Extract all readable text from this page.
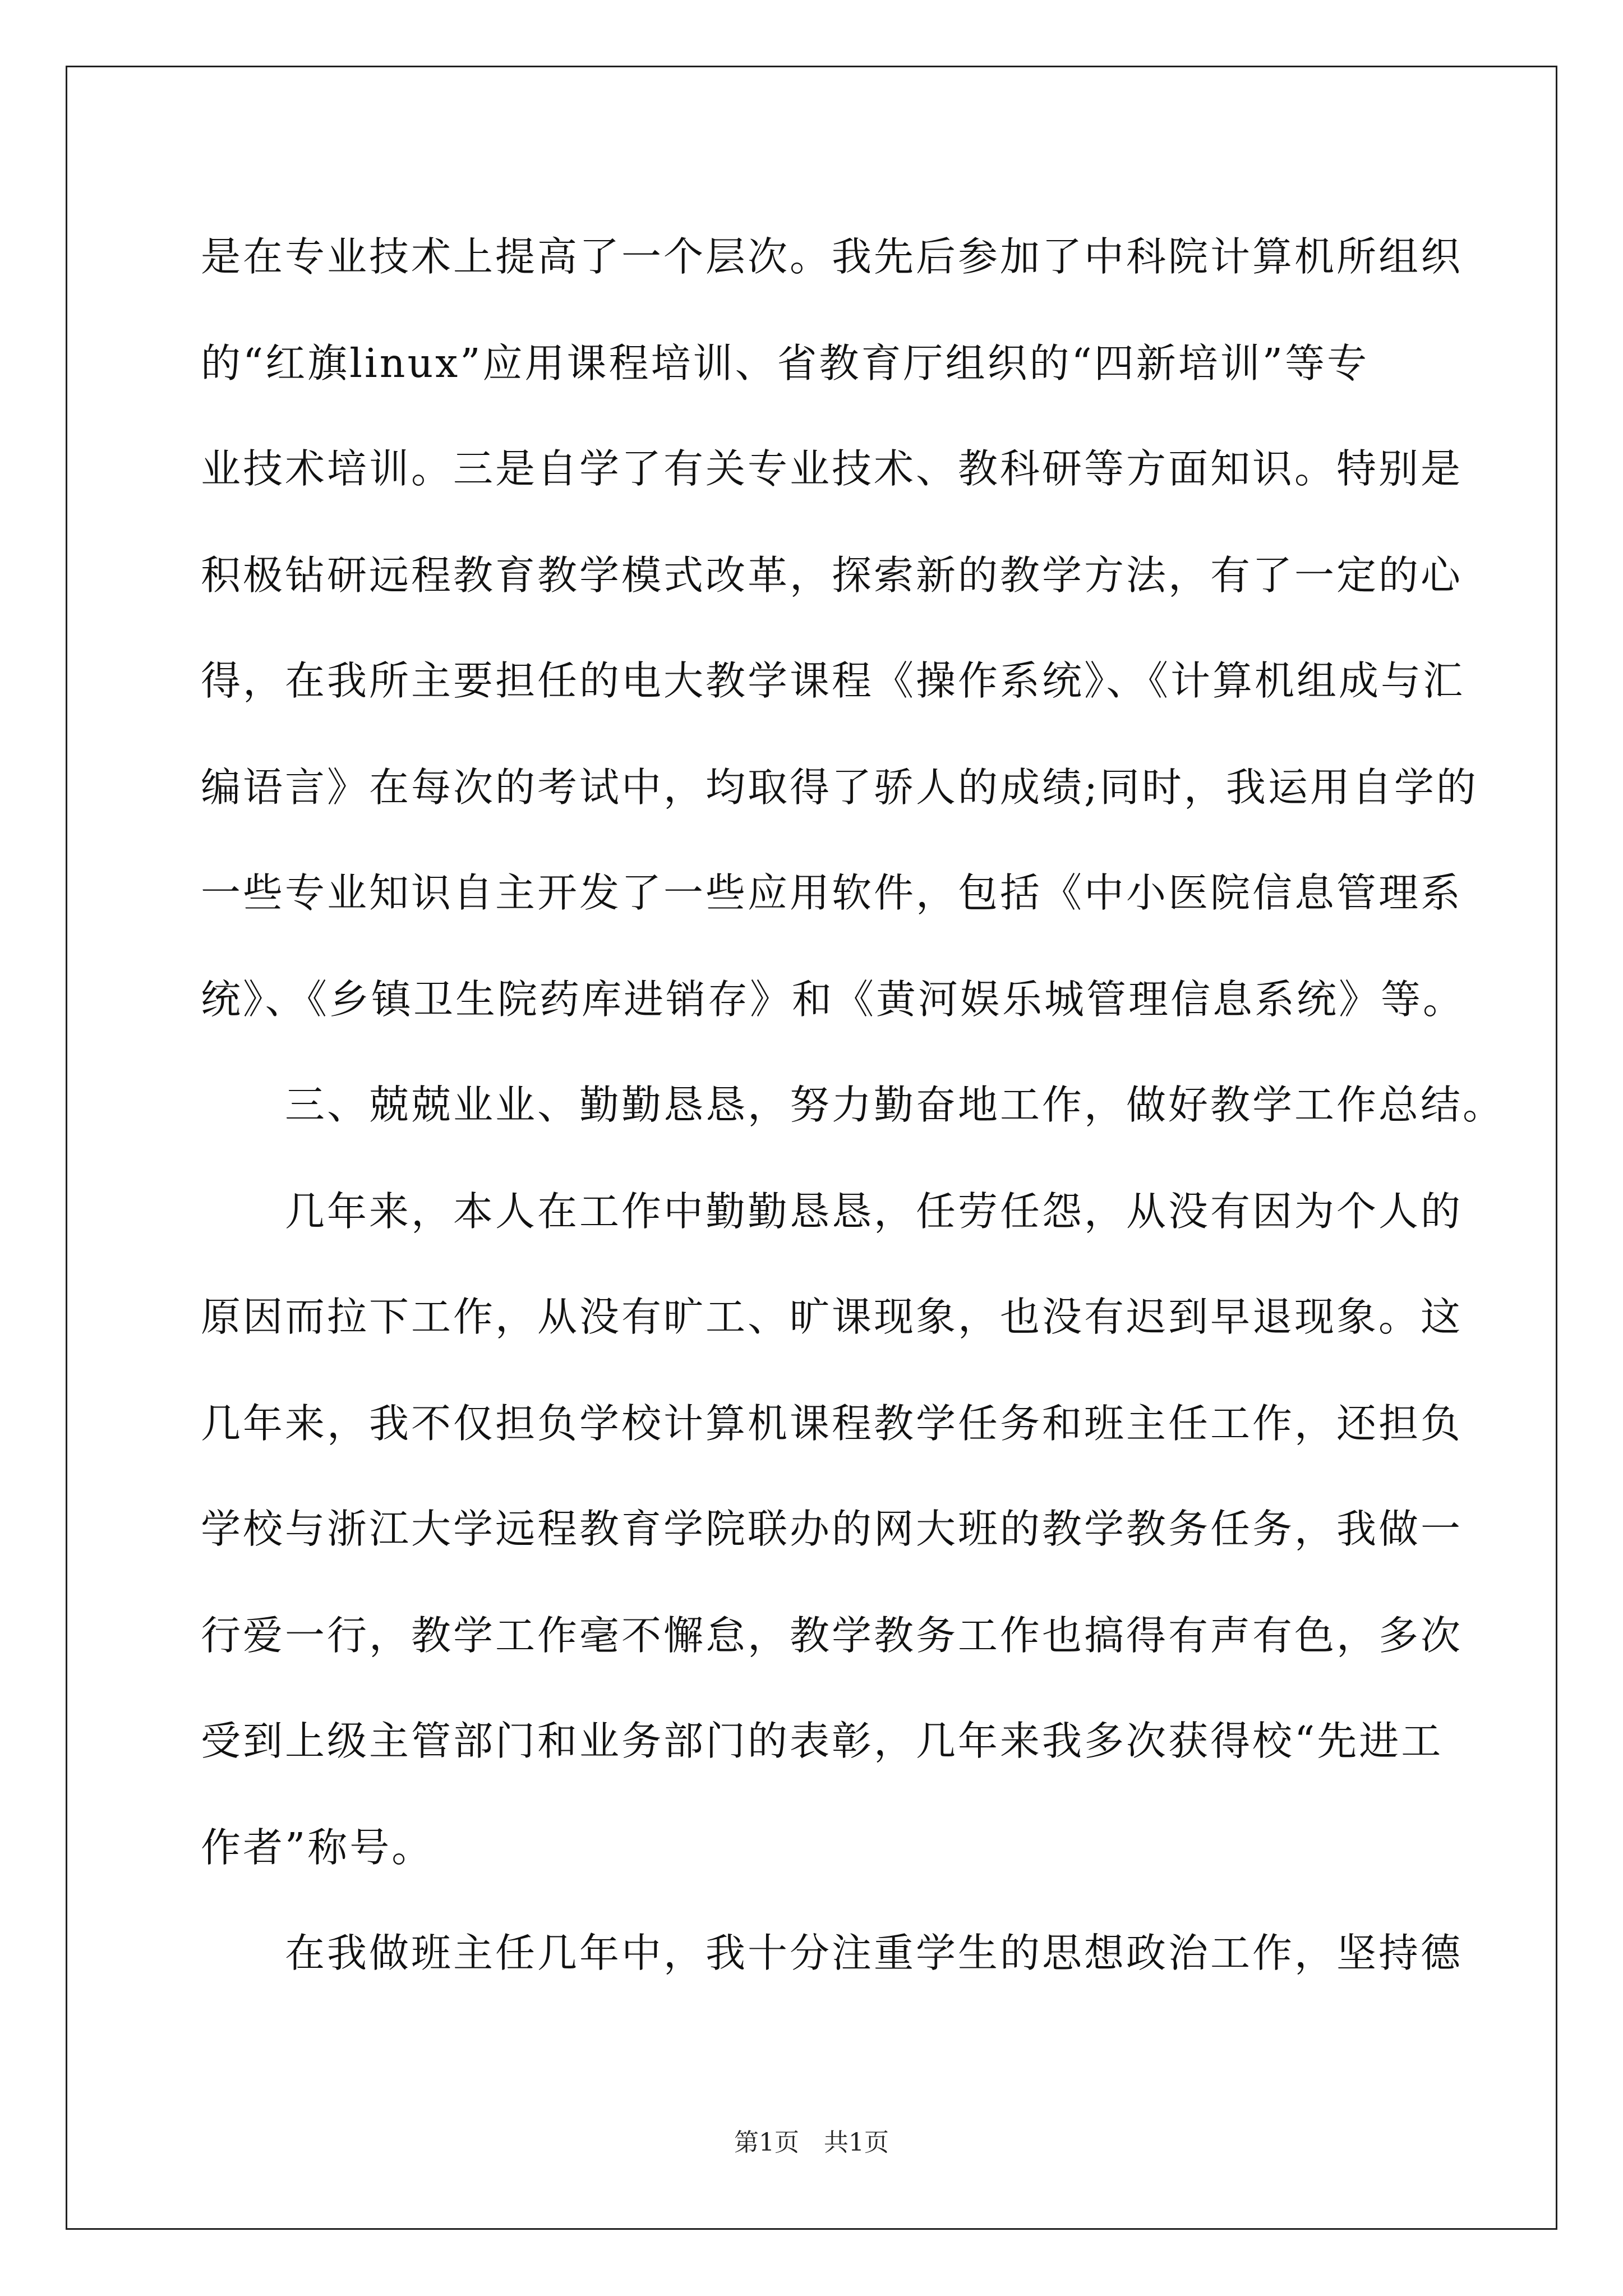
是在专业技术上提高了一个层次。我先后参加了中科院计算机所组织
的“红旗linux”应用课程培训、省教育厅组织的“四新培训”等专
业技术培训。三是自学了有关专业技术、教科研等方面知识。特别是
积极钻研远程教育教学模式改革，探索新的教学方法，有了一定的心
得，在我所主要担任的电大教学课程《操作系统》、《计算机组成与汇
编语言》在每次的考试中，均取得了骄人的成绩;同时，我运用自学的
一些专业知识自主开发了一些应用软件，包括《中小医院信息管理系
统》、《乡镇卫生院药库进销存》和《黄河娱乐城管理信息系统》等。
　　三、兢兢业业、勤勤恳恳，努力勤奋地工作，做好教学工作总结。
　　几年来，本人在工作中勤勤恳恳，任劳任怨，从没有因为个人的
原因而拉下工作，从没有旷工、旷课现象，也没有迟到早退现象。这
几年来，我不仅担负学校计算机课程教学任务和班主任工作，还担负
学校与浙江大学远程教育学院联办的网大班的教学教务任务，我做一
行爱一行，教学工作毫不懈怠，教学教务工作也搞得有声有色，多次
受到上级主管部门和业务部门的表彰，几年来我多次获得校“先进工
作者”称号。
　　在我做班主任几年中，我十分注重学生的思想政治工作，坚持德
第1页　共1页
